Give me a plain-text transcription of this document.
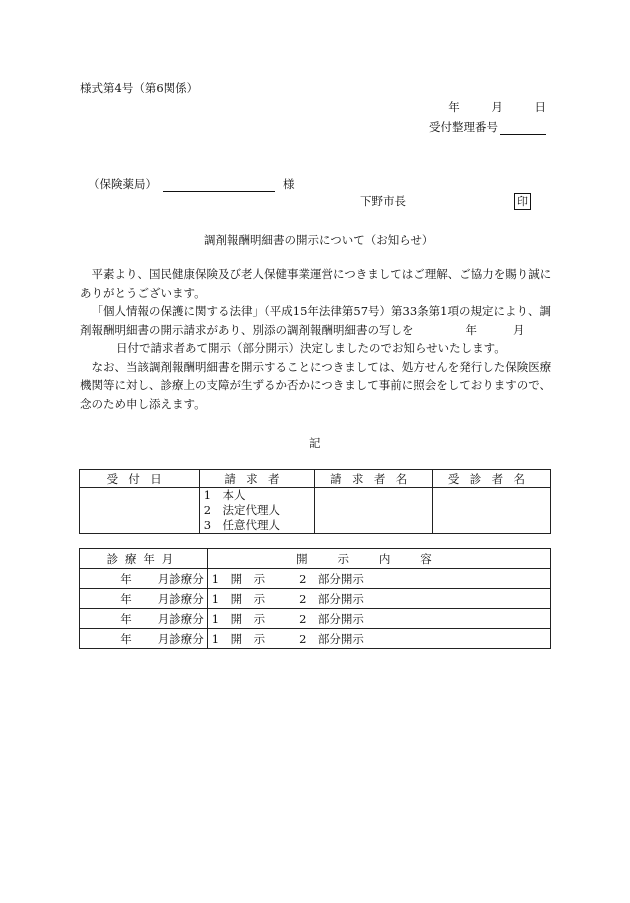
様式第4号（第6関係）
年	月	日
受付整理番号
（保険薬局）	様
下野市長	印
調剤報酬明細書の開示について（お知らせ）

平素より、国民健康保険及び老人保健事業運営につきましてはご理解、ご協力を賜り誠にありがとうございます。

「個人情報の保護に関する法律」（平成15年法律第57号）第33条第1項の規定により、調剤報酬明細書の開示請求があり、別添の調剤報酬明細書の写しを	年	月日付で請求者あて開示（部分開示）決定しましたのでお知らせいたします。

なお、当該調剤報酬明細書を開示することにつきましては、処方せんを発行した保険医療機関等に対し、診療上の支障が生ずるか否かにつきまして事前に照会をしておりますので、念のため申し添えます。

記
受付日	請求者	請求者名	受診者名

	1　本人
2　法定代理人
3　任意代理人		

診療年月	開示内容
年 月診療分	1　開　示 2　部分開示
年 月診療分	1　開　示 2　部分開示
年 月診療分	1　開　示 2　部分開示
年 月診療分	1　開　示 2　部分開示
